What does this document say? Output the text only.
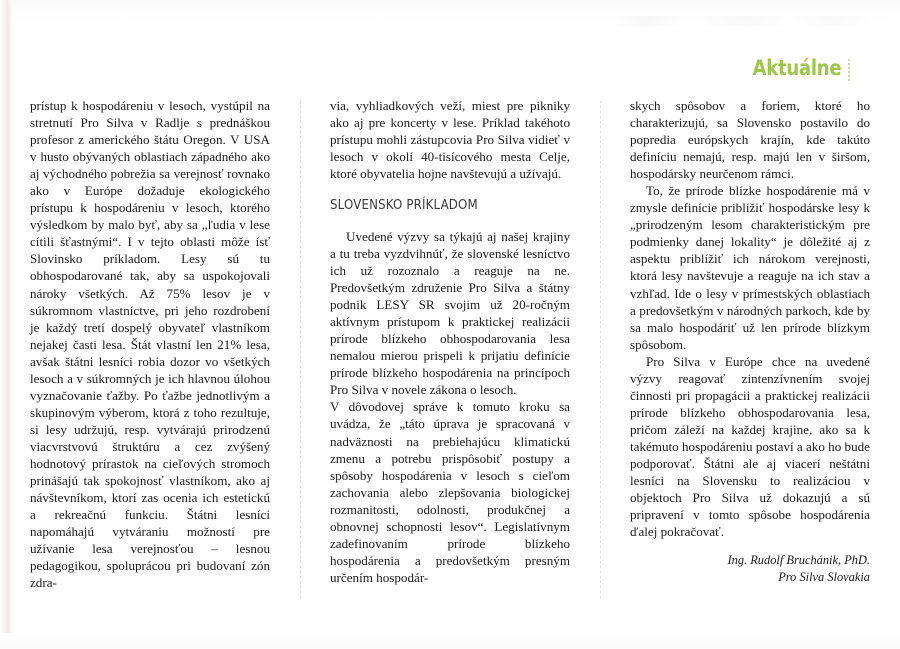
Aktuálne

prístup k hospodáreniu v lesoch, vystúpil na stretnutí Pro Silva v Radlje s prednáškou profesor z amerického štátu Oregon. V USA v husto obývaných oblastiach západného ako aj východného pobrežia sa verejnosť rovnako ako v Európe dožaduje ekologického prístupu k hospodáreniu v lesoch, ktorého výsledkom by malo byť, aby sa „ľudia v lese cítili šťastnými“. I v tejto oblasti môže ísť Slovinsko príkladom. Lesy sú tu obhospodarované tak, aby sa uspokojovali nároky všetkých. Až 75% lesov je v súkromnom vlastníctve, pri jeho rozdrobení je každý tretí dospelý obyvateľ vlastníkom nejakej časti lesa. Štát vlastní len 21% lesa, avšak štátni lesníci robia dozor vo všetkých lesoch a v súkromných je ich hlavnou úlohou vyznačovanie ťažby. Po ťažbe jednotlivým a skupinovým výberom, ktorá z toho rezultuje, si lesy udržujú, resp. vytvárajú prirodzenú viacvrstvovú štruktúru a cez zvýšený hodnotový prírastok na cieľových stromoch prinášajú tak spokojnosť vlastníkom, ako aj návštevníkom, ktorí zas ocenia ich estetickú a rekreačnú funkciu. Štátni lesníci napomáhajú vytváraniu možností pre užívanie lesa verejnosťou – lesnou pedagogikou, spoluprácou pri budovaní zón zdra-

via, vyhliadkových veží, miest pre pikniky ako aj pre koncerty v lese. Príklad takéhoto prístupu mohli zástupcovia Pro Silva vidieť v lesoch v okolí 40-tisícového mesta Celje, ktoré obyvatelia hojne navštevujú a užívajú.

SLOVENSKO PRÍKLADOM

Uvedené výzvy sa týkajú aj našej krajiny a tu treba vyzdvihnúť, že slovenské lesníctvo ich už rozoznalo a reaguje na ne. Predovšetkým združenie Pro Silva a štátny podnik LESY SR svojim už 20-ročným aktívnym prístupom k praktickej realizácii prírode blízkeho obhospodarovania lesa nemalou mierou prispeli k prijatiu definície prírode blízkeho hospodárenia na princípoch Pro Silva v novele zákona o lesoch.

V dôvodovej správe k tomuto kroku sa uvádza, že „táto úprava je spracovaná v nadväznosti na prebiehajúcu klimatickú zmenu a potrebu prispôsobiť postupy a spôsoby hospodárenia v lesoch s cieľom zachovania alebo zlepšovania biologickej rozmanitosti, odolnosti, produkčnej a obnovnej schopnosti lesov“. Legislatívnym zadefinovaním prírode blízkeho hospodárenia a predovšetkým presným určením hospodár-

skych spôsobov a foriem, ktoré ho charakterizujú, sa Slovensko postavilo do popredia európskych krajín, kde takúto definíciu nemajú, resp. majú len v širšom, hospodársky neurčenom rámci.

To, že prírode blízke hospodárenie má v zmysle definície priblížiť hospodárske lesy k „prirodzeným lesom charakteristickým pre podmienky danej lokality“ je dôležité aj z aspektu priblížiť ich nárokom verejnosti, ktorá lesy navštevuje a reaguje na ich stav a vzhľad. Ide o lesy v prímestských oblastiach a predovšetkým v národných parkoch, kde by sa malo hospodáriť už len prírode blízkym spôsobom.

Pro Silva v Európe chce na uvedené výzvy reagovať zintenzívnením svojej činnosti pri propagácii a praktickej realizácii prírode blízkeho obhospodarovania lesa, pričom záleží na každej krajine, ako sa k takémuto hospodáreniu postaví a ako ho bude podporovať. Štátni ale aj viacerí neštátni lesníci na Slovensku to realizáciou v objektoch Pro Silva už dokazujú a sú pripravení v tomto spôsobe hospodárenia ďalej pokračovať.

Ing. Rudolf Bruchánik, PhD.
Pro Silva Slovakia
